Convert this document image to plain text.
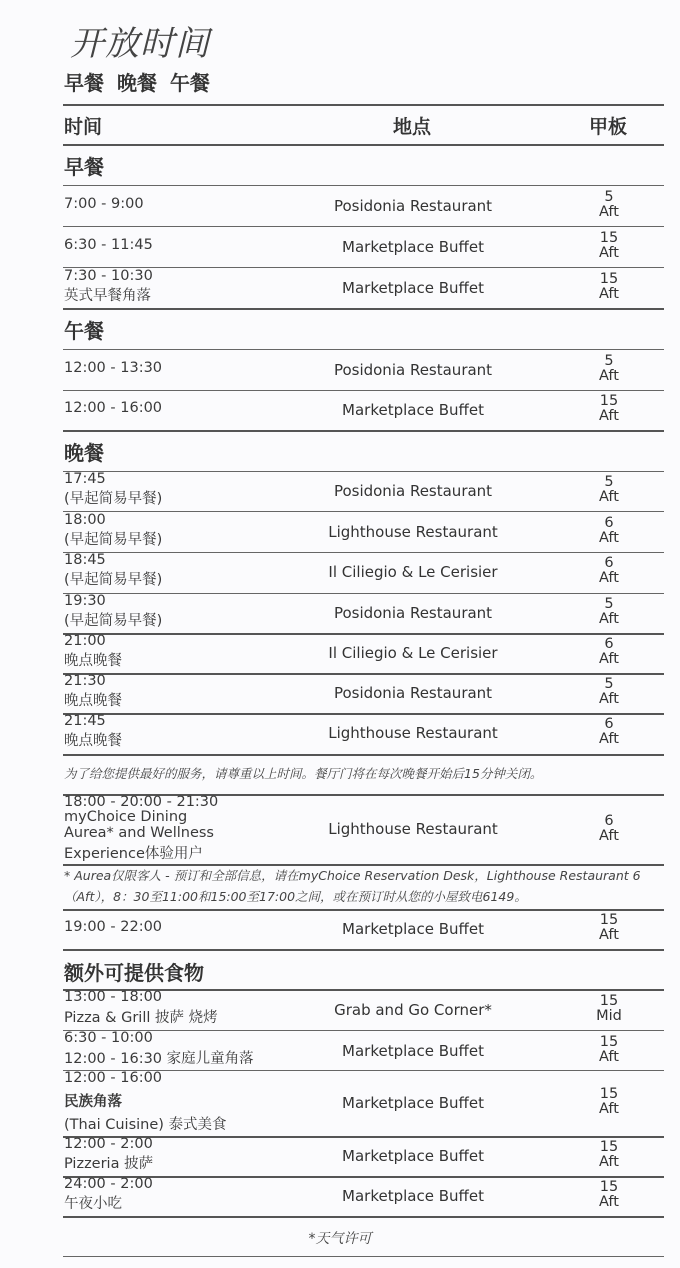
开放时间
早餐 晚餐 午餐
时间	地点	甲板
早餐
7:00 - 9:00	Posidonia Restaurant	5
Aft
6:30 - 11:45	Marketplace Buffet	15
Aft
7:30 - 10:30
英式早餐角落	Marketplace Buffet	15
Aft
午餐
12:00 - 13:30	Posidonia Restaurant	5
Aft
12:00 - 16:00	Marketplace Buffet	15
Aft
晚餐
17:45
(早起简易早餐)	Posidonia Restaurant	5
Aft
18:00
(早起简易早餐)	Lighthouse Restaurant	6
Aft
18:45
(早起简易早餐)	Il Ciliegio & Le Cerisier	6
Aft
19:30
(早起简易早餐)	Posidonia Restaurant	5
Aft
21:00
晚点晚餐	Il Ciliegio & Le Cerisier	6
Aft
21:30
晚点晚餐	Posidonia Restaurant	5
Aft
21:45
晚点晚餐	Lighthouse Restaurant	6
Aft
为了给您提供最好的服务，请尊重以上时间。餐厅门将在每次晚餐开始后15分钟关闭。
18:00 - 20:00 - 21:30
myChoice Dining
Aurea* and Wellness
Experience体验用户
Lighthouse Restaurant	6
Aft
* Aurea仅限客人 - 预订和全部信息，请在myChoice Reservation Desk，Lighthouse Restaurant 6
（Aft），8：30至11:00和15:00至17:00之间，或在预订时从您的小屋致电6149。
19:00 - 22:00	Marketplace Buffet	15
Aft
额外可提供食物
13:00 - 18:00
Pizza & Grill 披萨 烧烤	Grab and Go Corner*	15
Mid
6:30 - 10:00
12:00 - 16:30 家庭儿童角落	Marketplace Buffet	15
Aft
12:00 - 16:00
民族角落
(Thai Cuisine) 泰式美食
Marketplace Buffet	15
Aft
12:00 - 2:00
Pizzeria 披萨	Marketplace Buffet	15
Aft
24:00 - 2:00
午夜小吃	Marketplace Buffet	15
Aft
*天气许可
